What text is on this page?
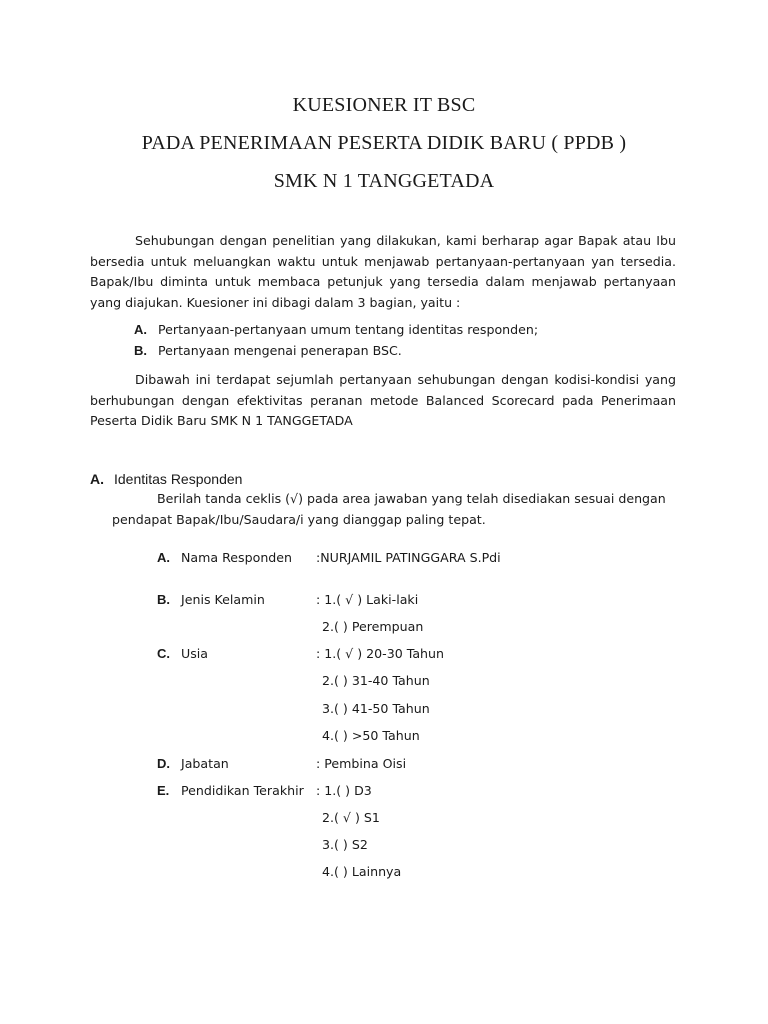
KUESIONER IT BSC
PADA PENERIMAAN PESERTA DIDIK BARU ( PPDB )
SMK N 1 TANGGETADA
Sehubungan dengan penelitian yang dilakukan, kami berharap agar Bapak atau Ibu bersedia untuk meluangkan waktu untuk menjawab pertanyaan-pertanyaan yan tersedia. Bapak/Ibu diminta untuk membaca petunjuk yang tersedia dalam menjawab pertanyaan yang diajukan. Kuesioner ini dibagi dalam 3 bagian, yaitu :
A. Pertanyaan-pertanyaan umum tentang identitas responden;
B. Pertanyaan mengenai penerapan BSC.
Dibawah ini terdapat sejumlah pertanyaan sehubungan dengan kodisi-kondisi yang berhubungan dengan efektivitas peranan metode Balanced Scorecard pada Penerimaan Peserta Didik Baru SMK N 1 TANGGETADA
A. Identitas Responden
Berilah tanda ceklis (√) pada area jawaban yang telah disediakan sesuai dengan pendapat Bapak/Ibu/Saudara/i yang dianggap paling tepat.
A. Nama Responden :NURJAMIL PATINGGARA S.Pdi
B. Jenis Kelamin	: 1.( √ ) Laki-laki
2.( ) Perempuan
C. Usia	: 1.( √ ) 20-30 Tahun
2.( ) 31-40 Tahun
3.( ) 41-50 Tahun
4.( ) >50 Tahun
D. Jabatan	: Pembina Oisi
E. Pendidikan Terakhir : 1.( ) D3
2.( √ ) S1
3.( ) S2
4.( ) Lainnya
